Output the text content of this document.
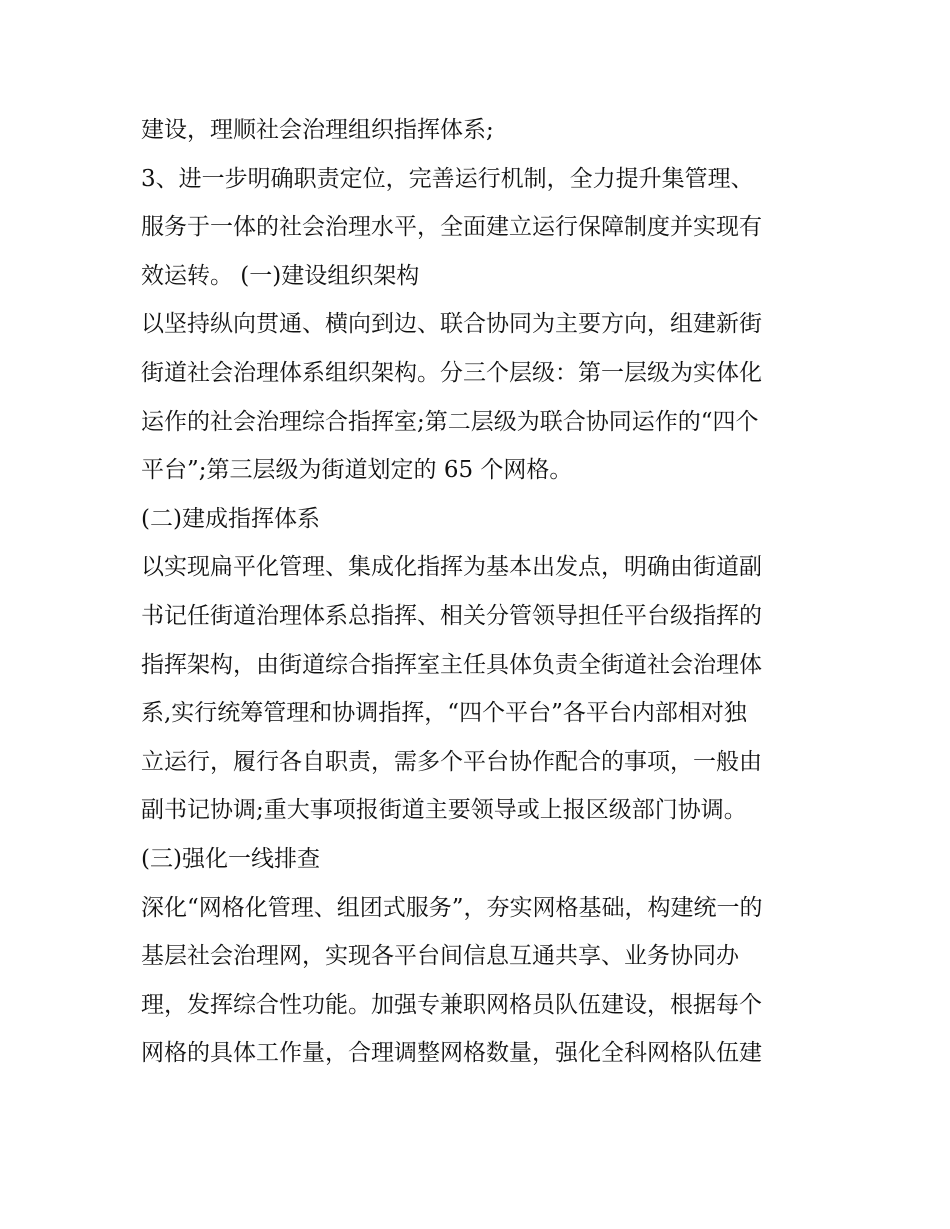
建设，理顺社会治理组织指挥体系;
3、进一步明确职责定位，完善运行机制，全力提升集管理、
服务于一体的社会治理水平，全面建立运行保障制度并实现有
效运转。 (一)建设组织架构
以坚持纵向贯通、横向到边、联合协同为主要方向，组建新街
街道社会治理体系组织架构。分三个层级：第一层级为实体化
运作的社会治理综合指挥室;第二层级为联合协同运作的“四个
平台”;第三层级为街道划定的 65 个网格。
(二)建成指挥体系
以实现扁平化管理、集成化指挥为基本出发点，明确由街道副
书记任街道治理体系总指挥、相关分管领导担任平台级指挥的
指挥架构，由街道综合指挥室主任具体负责全街道社会治理体
系,实行统筹管理和协调指挥，“四个平台”各平台内部相对独
立运行，履行各自职责，需多个平台协作配合的事项，一般由
副书记协调;重大事项报街道主要领导或上报区级部门协调。
(三)强化一线排查
深化“网格化管理、组团式服务”，夯实网格基础，构建统一的
基层社会治理网，实现各平台间信息互通共享、业务协同办
理，发挥综合性功能。加强专兼职网格员队伍建设，根据每个
网格的具体工作量，合理调整网格数量，强化全科网格队伍建
